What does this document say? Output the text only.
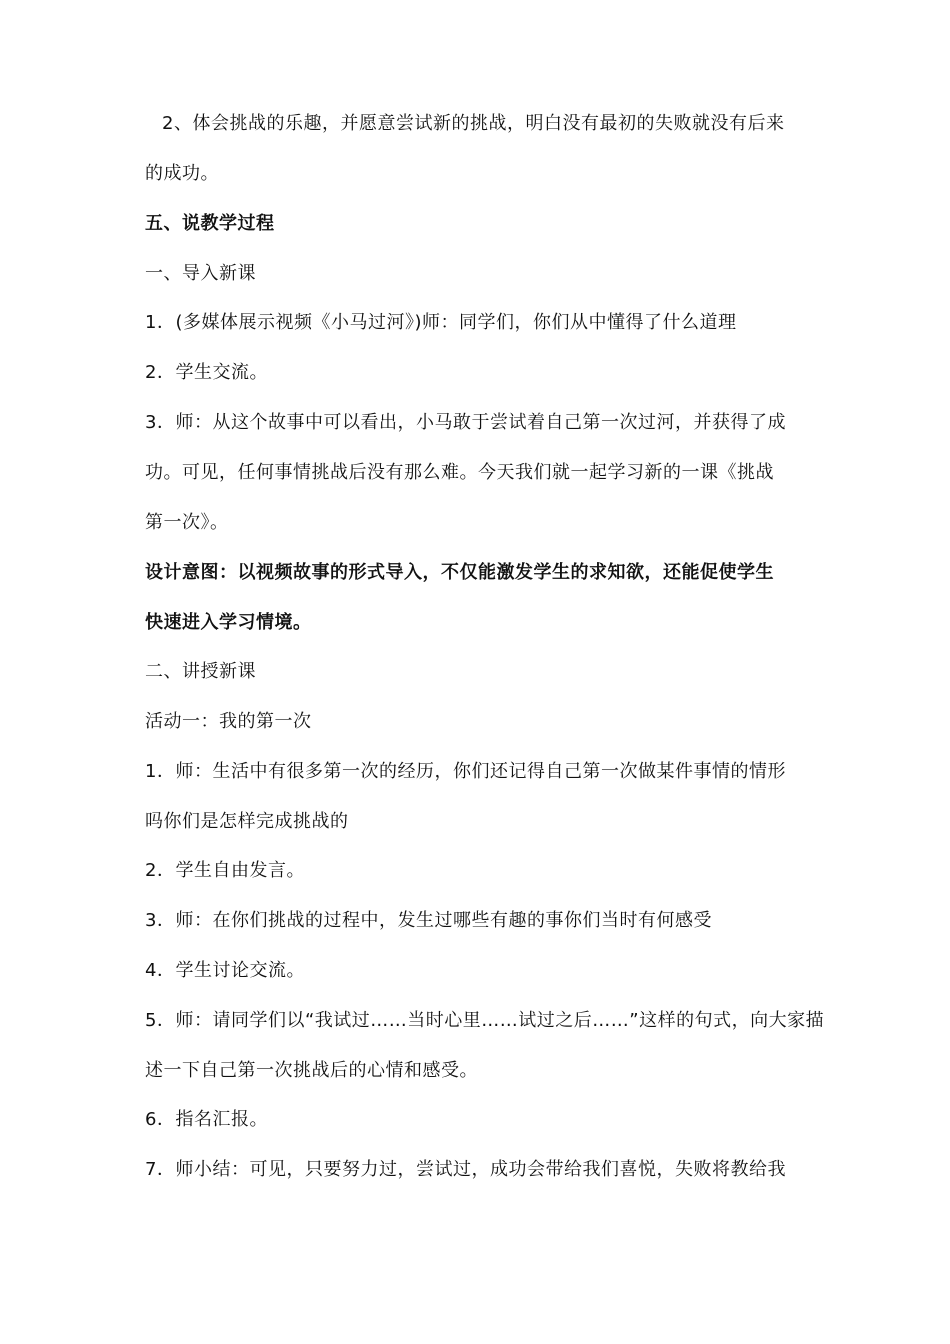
2、体会挑战的乐趣，并愿意尝试新的挑战，明白没有最初的失败就没有后来
的成功。
五、说教学过程
一、导入新课
1．(多媒体展示视频《小马过河》)师：同学们，你们从中懂得了什么道理
2．学生交流。
3．师：从这个故事中可以看出，小马敢于尝试着自己第一次过河，并获得了成
功。可见，任何事情挑战后没有那么难。今天我们就一起学习新的一课《挑战
第一次》。
设计意图：以视频故事的形式导入，不仅能激发学生的求知欲，还能促使学生
快速进入学习情境。
二、讲授新课
活动一：我的第一次
1．师：生活中有很多第一次的经历，你们还记得自己第一次做某件事情的情形
吗你们是怎样完成挑战的
2．学生自由发言。
3．师：在你们挑战的过程中，发生过哪些有趣的事你们当时有何感受
4．学生讨论交流。
5．师：请同学们以“我试过……当时心里……试过之后……”这样的句式，向大家描
述一下自己第一次挑战后的心情和感受。
6．指名汇报。
7．师小结：可见，只要努力过，尝试过，成功会带给我们喜悦，失败将教给我
